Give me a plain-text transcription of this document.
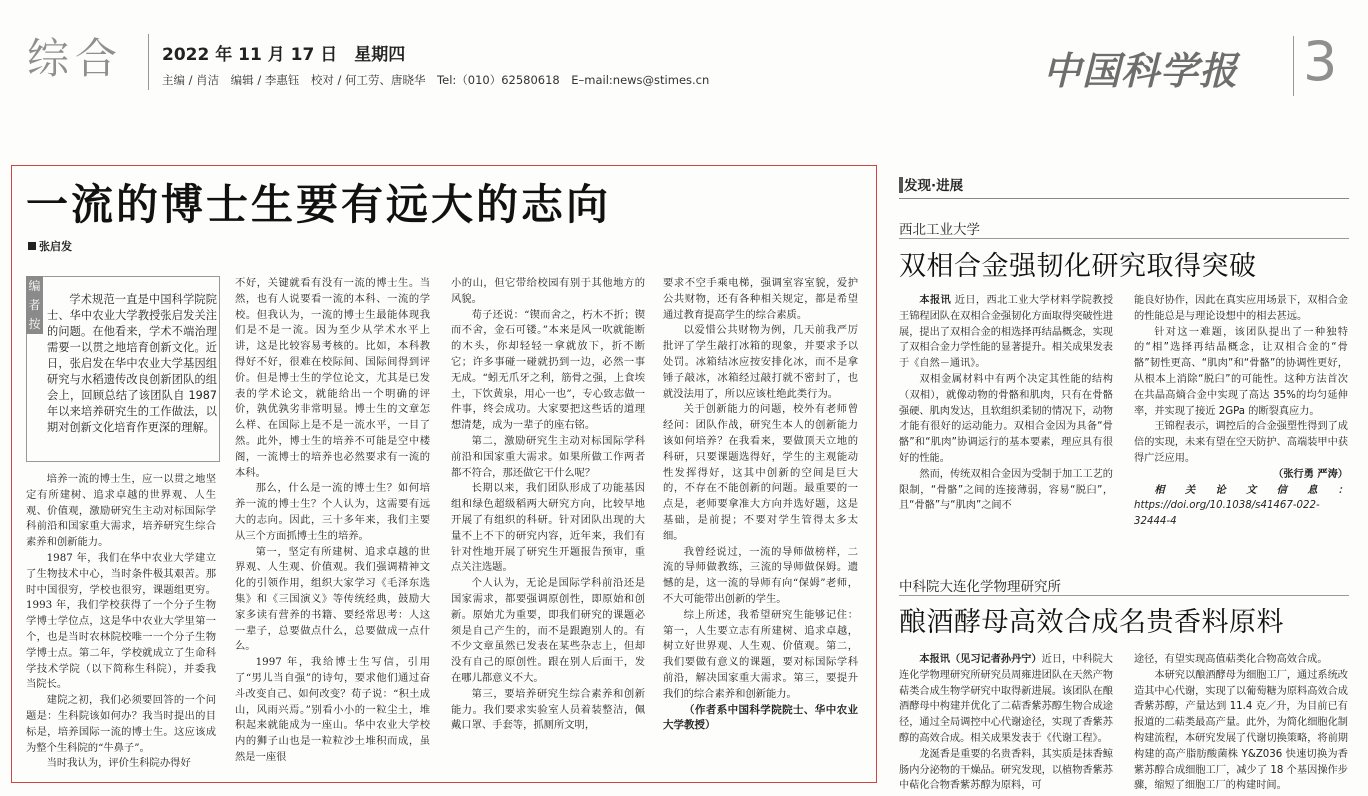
综合 2022 年 11 月 17 日　星期四
主编 / 肖洁　编辑 / 李惠钰　校对 / 何工劳、唐晓华　Tel:（010）62580618　E–mail:news@stimes.cn	中国科学报 3
一流的博士生要有远大的志向
张启发
编者按
学术规范一直是中国科学院院士、华中农业大学教授张启发关注的问题。在他看来，学术不端治理需要一以贯之地培育创新文化。近日，张启发在华中农业大学基因组研究与水稻遗传改良创新团队的组会上，回顾总结了该团队自 1987 年以来培养研究生的工作做法，以期对创新文化培育作更深的理解。

培养一流的博士生，应一以贯之地坚定有所建树、追求卓越的世界观、人生观、价值观，激励研究生主动对标国际学科前沿和国家重大需求，培养研究生综合素养和创新能力。

1987 年，我们在华中农业大学建立了生物技术中心，当时条件极其艰苦。那时中国很穷，学校也很穷，课题组更穷。1993 年，我们学校获得了一个分子生物学博士学位点，这是华中农业大学里第一个，也是当时农林院校唯一一个分子生物学博士点。第二年，学校就成立了生命科学技术学院（以下简称生科院），并委我当院长。

建院之初，我们必须要回答的一个问题是：生科院该如何办？我当时提出的目标是，培养国际一流的博士生。这应该成为整个生科院的“牛鼻子”。

当时我认为，评价生科院办得好

不好，关键就看有没有一流的博士生。当然，也有人说要看一流的本科、一流的学校。但我认为，一流的博士生最能体现我们是不是一流。因为至少从学术水平上讲，这是比较容易考核的。比如，本科教得好不好，很难在校际间、国际间得到评价。但是博士生的学位论文，尤其是已发表的学术论文，就能给出一个明确的评价，孰优孰劣非常明显。博士生的文章怎么样、在国际上是不是一流水平，一目了然。此外，博士生的培养不可能是空中楼阁，一流博士的培养也必然要求有一流的本科。

那么，什么是一流的博士生？如何培养一流的博士生？个人认为，这需要有远大的志向。因此，三十多年来，我们主要从三个方面抓博士生的培养。

第一，坚定有所建树、追求卓越的世界观、人生观、价值观。我们强调精神文化的引领作用，组织大家学习《毛泽东选集》和《三国演义》等传统经典，鼓励大家多读有营养的书籍、要经常思考：人这一辈子，总要做点什么，总要做成一点什么。

1997 年，我给博士生写信，引用了“男儿当自强”的诗句，要求他们通过奋斗改变自己、如何改变？荀子说：“积土成山，风雨兴焉。”别看小小的一粒尘土，堆积起来就能成为一座山。华中农业大学校内的狮子山也是一粒粒沙土堆积而成，虽然是一座很

小的山，但它带给校园有别于其他地方的风貌。

荀子还说：“锲而舍之，朽木不折；锲而不舍，金石可镂。”本来是风一吹就能断的木头，你却轻轻一拿就放下，折不断它；许多事碰一碰就扔到一边，必然一事无成。“蚓无爪牙之利，筋骨之强，上食埃土，下饮黄泉，用心一也”，专心致志做一件事，终会成功。大家要把这些话的道理想清楚，成为一辈子的座右铭。

第二，激励研究生主动对标国际学科前沿和国家重大需求。如果所做工作两者都不符合，那还做它干什么呢？

长期以来，我们团队形成了功能基因组和绿色超级稻两大研究方向，比较早地开展了有组织的科研。针对团队出现的大量不上不下的研究内容，近年来，我们有针对性地开展了研究生开题报告预审，重点关注选题。

个人认为，无论是国际学科前沿还是国家需求，都要强调原创性，即原始和创新。原始尤为重要，即我们研究的课题必须是自己产生的，而不是跟跑别人的。有不少文章虽然已发表在某些杂志上，但却没有自己的原创性。跟在别人后面干，发在哪儿都意义不大。

第三，要培养研究生综合素养和创新能力。我们要求实验室人员着装整洁，佩戴口罩、手套等，抓厕所文明，

要求不空手乘电梯，强调室容室貌，爱护公共财物，还有各种相关规定，都是希望通过教育提高学生的综合素质。

以爱惜公共财物为例，几天前我严厉批评了学生敲打冰箱的现象，并要求予以处罚。冰箱结冰应按安排化冰，而不是拿锤子敲冰，冰箱经过敲打就不密封了，也就没法用了，所以应该杜绝此类行为。

关于创新能力的问题，校外有老师曾经问：团队作战，研究生本人的创新能力该如何培养？在我看来，要做顶天立地的科研，只要课题选得好，学生的主观能动性发挥得好，这其中创新的空间是巨大的，不存在不能创新的问题。最重要的一点是，老师要拿准大方向并选好题，这是基础，是前提；不要对学生管得太多太细。

我曾经说过，一流的导师做榜样，二流的导师做教练，三流的导师做保姆。遗憾的是，这一流的导师有向“保姆”老师，不大可能带出创新的学生。

综上所述，我希望研究生能够记住：第一，人生要立志有所建树、追求卓越，树立好世界观、人生观、价值观。第二，我们要做有意义的课题，要对标国际学科前沿，解决国家重大需求。第三，要提升我们的综合素养和创新能力。

（作者系中国科学院院士、华中农业大学教授）

发现·进展
西北工业大学
双相合金强韧化研究取得突破

本报讯 近日，西北工业大学材料学院教授王锦程团队在双相合金强韧化方面取得突破性进展，提出了双相合金的相选择再结晶概念，实现了双相合金力学性能的显著提升。相关成果发表于《自然－通讯》。

双相金属材料中有两个决定其性能的结构（双相），就像动物的骨骼和肌肉，只有在骨骼强硬、肌肉发达，且软组织柔韧的情况下，动物才能有很好的运动能力。双相合金因为具备“骨骼”和“肌肉”协调运行的基本要素，理应具有很好的性能。

然而，传统双相合金因为受制于加工工艺的限制，“骨骼”之间的连接薄弱，容易“脱臼”，且“骨骼”与“肌肉”之间不

能良好协作，因此在真实应用场景下，双相合金的性能总是与理论设想中的相去甚远。

针对这一难题，该团队提出了一种独特的“相”选择再结晶概念，让双相合金的“骨骼”韧性更高、“肌肉”和“骨骼”的协调性更好，从根本上消除“脱臼”的可能性。这种方法首次在共晶高熵合金中实现了高达 35%的均匀延伸率，并实现了接近 2GPa 的断裂真应力。

王锦程表示，调控后的合金强塑性得到了成倍的实现，未来有望在空天防护、高端装甲中获得广泛应用。

（张行勇 严涛）

相关论文信息：https://doi.org/10.1038/s41467-022-32444-4

中科院大连化学物理研究所
酿酒酵母高效合成名贵香料原料

本报讯（见习记者孙丹宁）近日，中科院大连化学物理研究所研究员周雍进团队在天然产物萜类合成生物学研究中取得新进展。该团队在酿酒酵母中构建并优化了二萜香紫苏醇生物合成途径，通过全局调控中心代谢途径，实现了香紫苏醇的高效合成。相关成果发表于《代谢工程》。

龙涎香是重要的名贵香料，其实质是抹香鲸肠内分泌物的干燥品。研究发现，以植物香紫苏中萜化合物香紫苏醇为原料，可

途径，有望实现高值萜类化合物高效合成。

本研究以酿酒酵母为细胞工厂，通过系统改造其中心代谢，实现了以葡萄糖为原料高效合成香紫苏醇，产量达到 11.4 克／升，为目前已有报道的二萜类最高产量。此外，为简化细胞化制构建流程，本研究发展了代谢切换策略，将前期构建的高产脂肪酸菌株 Y&Z036 快速切换为香紫苏醇合成细胞工厂，减少了 18 个基因操作步骤，缩短了细胞工厂的构建时间。
